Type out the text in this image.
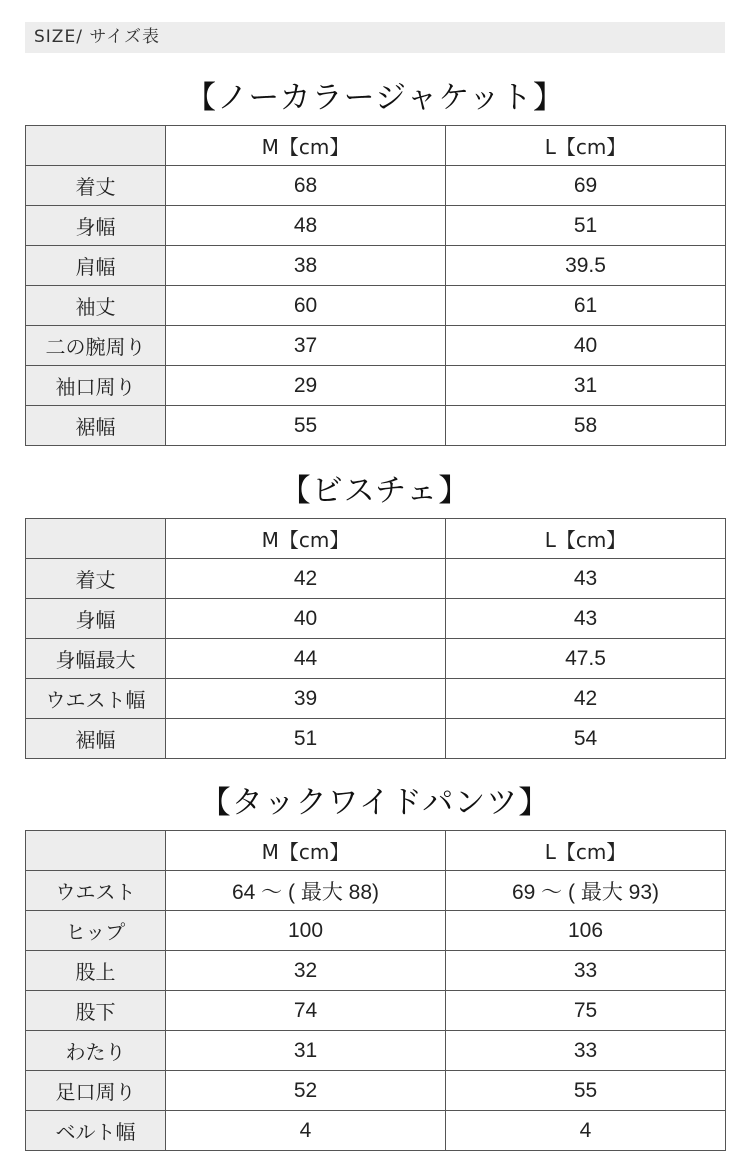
SIZE/ サイズ表
【ノーカラージャケット】
	M【cm】	L【cm】
着丈	68	69
身幅	48	51
肩幅	38	39.5
袖丈	60	61
二の腕周り	37	40
袖口周り	29	31
裾幅	55	58
【ビスチェ】
	M【cm】	L【cm】
着丈	42	43
身幅	40	43
身幅最大	44	47.5
ウエスト幅	39	42
裾幅	51	54
【タックワイドパンツ】
	M【cm】	L【cm】
ウエスト	64 〜 ( 最大 88)	69 〜 ( 最大 93)
ヒップ	100	106
股上	32	33
股下	74	75
わたり	31	33
足口周り	52	55
ベルト幅	4	4
